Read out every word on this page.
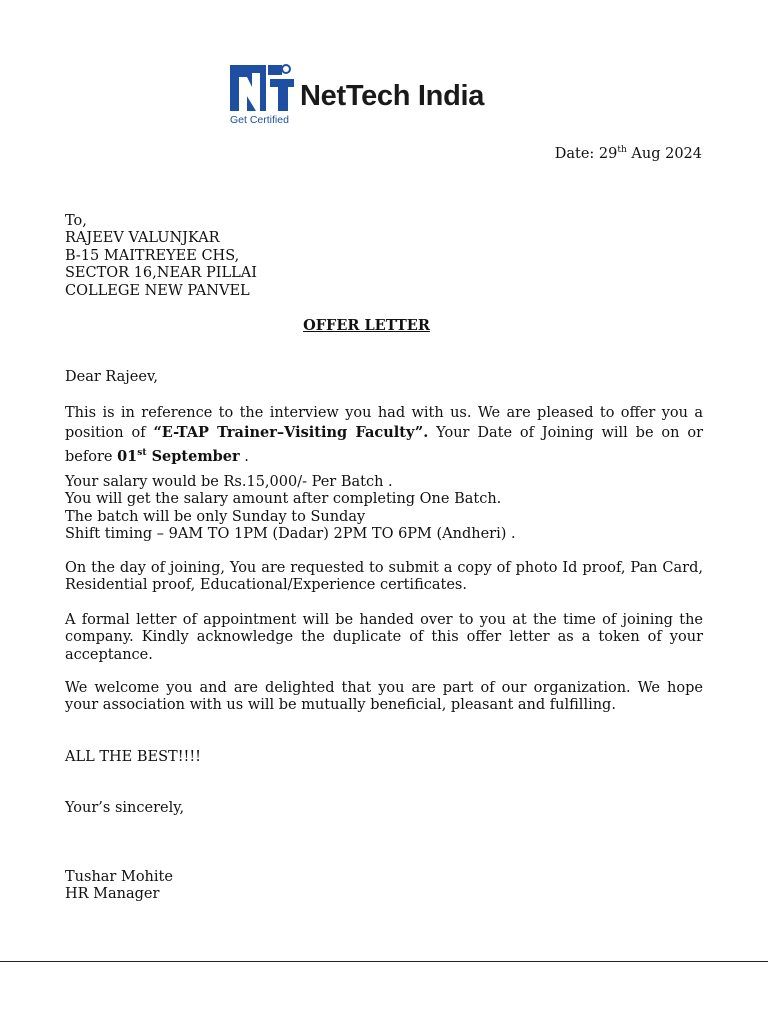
NetTech India
Get Certified
Date: 29th Aug 2024
To,
RAJEEV VALUNJKAR
B-15 MAITREYEE CHS,
SECTOR 16,NEAR PILLAI
COLLEGE NEW PANVEL
OFFER LETTER
Dear Rajeev,
This is in reference to the interview you had with us. We are pleased to offer you a position of “E-TAP Trainer–Visiting Faculty”. Your Date of Joining will be on or before 01st September .
Your salary would be Rs.15,000/- Per Batch .
You will get the salary amount after completing One Batch.
The batch will be only Sunday to Sunday
Shift timing – 9AM TO 1PM (Dadar) 2PM TO 6PM (Andheri) .
On the day of joining, You are requested to submit a copy of photo Id proof, Pan Card, Residential proof, Educational/Experience certificates.
A formal letter of appointment will be handed over to you at the time of joining the company. Kindly acknowledge the duplicate of this offer letter as a token of your acceptance.
We welcome you and are delighted that you are part of our organization. We hope your association with us will be mutually beneficial, pleasant and fulfilling.
ALL THE BEST!!!!
Your’s sincerely,
Tushar Mohite
HR Manager
